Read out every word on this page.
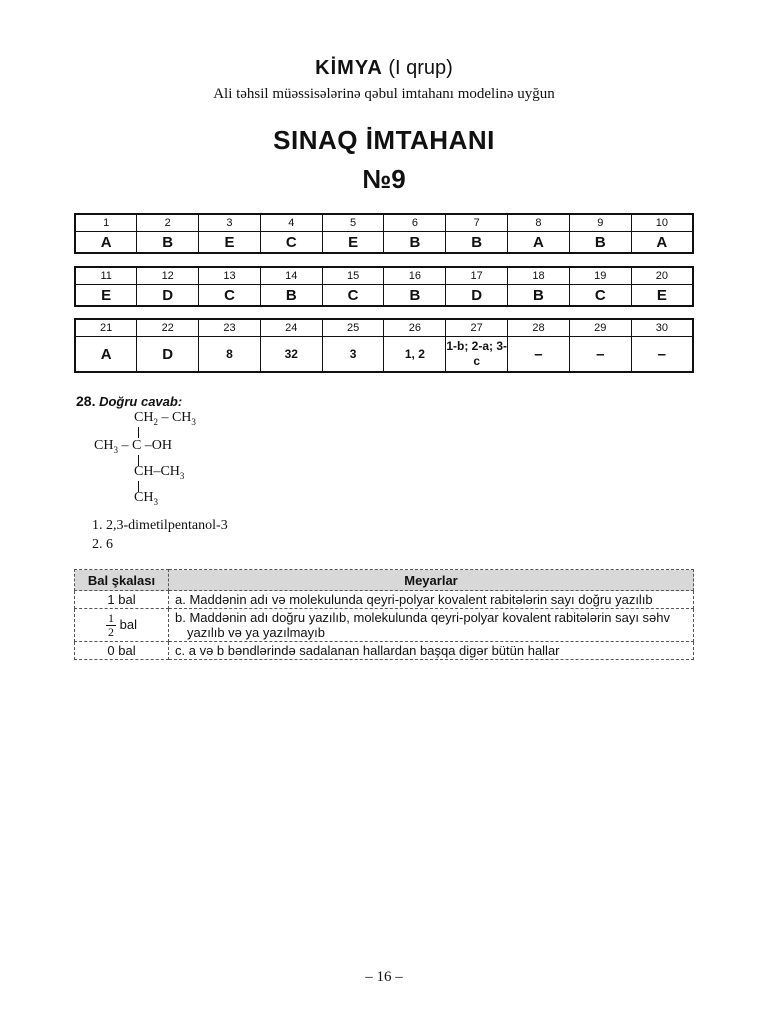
KİMYA (I qrup)
Ali təhsil müəssisələrinə qəbul imtahanı modelinə uyğun
SINAQ İMTAHANI
№9
1	2	3	4	5	6	7	8	9	10
A	B	E	C	E	B	B	A	B	A
11	12	13	14	15	16	17	18	19	20
E	D	C	B	C	B	D	B	C	E
21	22	23	24	25	26	27	28	29	30
A	D	8	32	3	1, 2	1-b; 2-a; 3-c	–	–	–
28. Doğru cavab:
$CH_2 - CH_3$
$CH_3$ – C –OH
$CH-CH_3$
$CH_3$
1. 2,3-dimetilpentanol-3
2. 6
Bal şkalası	Meyarlar
1 bal	a. Maddənin adı və molekulunda qeyri-polyar kovalent rabitələrin sayı doğru yazılıb

$\frac{1}{2}$ bal	b. Maddənin adı doğru yazılıb, molekulunda qeyri-polyar kovalent rabitələrin sayı səhv
yazılıb və ya yazılmayıb

0 bal	c. a və b bəndlərində sadalanan hallardan başqa digər bütün hallar
– 16 –
